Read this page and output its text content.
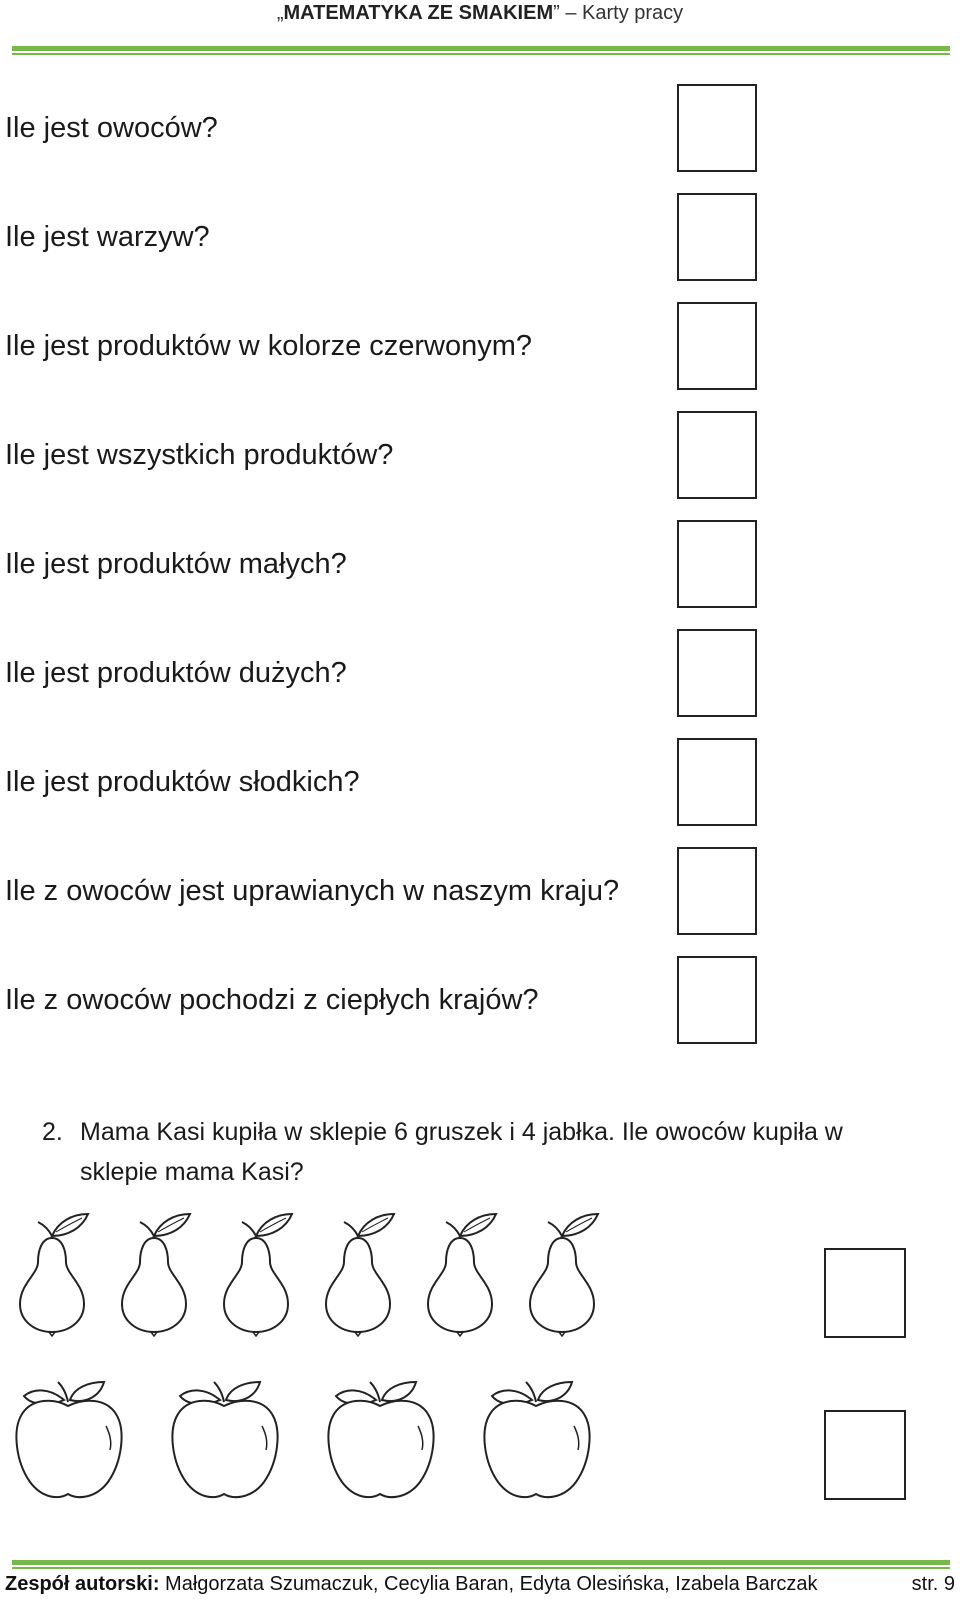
„MATEMATYKA ZE SMAKIEM” – Karty pracy
Ile jest owoców?
Ile jest warzyw?
Ile jest produktów w kolorze czerwonym?
Ile jest wszystkich produktów?
Ile jest produktów małych?
Ile jest produktów dużych?
Ile jest produktów słodkich?
Ile z owoców jest uprawianych w naszym kraju?
Ile z owoców pochodzi z ciepłych krajów?
2. Mama Kasi kupiła w sklepie 6 gruszek i 4 jabłka. Ile owoców kupiła w sklepie mama Kasi?
Zespół autorski: Małgorzata Szumaczuk, Cecylia Baran, Edyta Olesińska, Izabela Barczak	str. 9
